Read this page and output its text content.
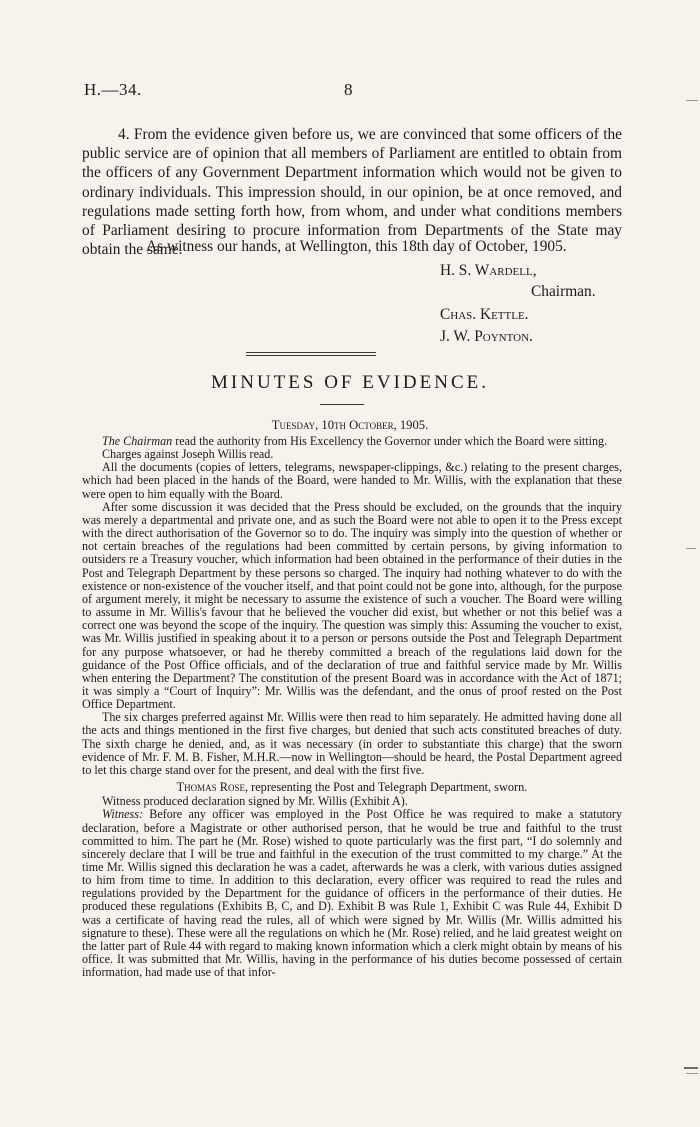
H.—34.	8
4. From the evidence given before us, we are convinced that some officers of the public service are of opinion that all members of Parliament are entitled to obtain from the officers of any Government Department information which would not be given to ordinary individuals. This impression should, in our opinion, be at once removed, and regulations made setting forth how, from whom, and under what conditions members of Parliament desiring to procure information from Departments of the State may obtain the same.
As witness our hands, at Wellington, this 18th day of October, 1905.
H. S. Wardell,
Chairman.
Chas. Kettle.
J. W. Poynton.
MINUTES OF EVIDENCE.
Tuesday, 10th October, 1905.

The Chairman read the authority from His Excellency the Governor under which the Board were sitting.

Charges against Joseph Willis read.

All the documents (copies of letters, telegrams, newspaper-clippings, &c.) relating to the present charges, which had been placed in the hands of the Board, were handed to Mr. Willis, with the explanation that these were open to him equally with the Board.

After some discussion it was decided that the Press should be excluded, on the grounds that the inquiry was merely a departmental and private one, and as such the Board were not able to open it to the Press except with the direct authorisation of the Governor so to do. The inquiry was simply into the question of whether or not certain breaches of the regulations had been committed by certain persons, by giving information to outsiders re a Treasury voucher, which information had been obtained in the performance of their duties in the Post and Telegraph Department by these persons so charged. The inquiry had nothing whatever to do with the existence or non-existence of the voucher itself, and that point could not be gone into, although, for the purpose of argument merely, it might be necessary to assume the existence of such a voucher. The Board were willing to assume in Mr. Willis's favour that he believed the voucher did exist, but whether or not this belief was a correct one was beyond the scope of the inquiry. The question was simply this: Assuming the voucher to exist, was Mr. Willis justified in speaking about it to a person or persons outside the Post and Telegraph Department for any purpose whatsoever, or had he thereby committed a breach of the regulations laid down for the guidance of the Post Office officials, and of the declaration of true and faithful service made by Mr. Willis when entering the Department? The constitution of the present Board was in accordance with the Act of 1871; it was simply a “Court of Inquiry”: Mr. Willis was the defendant, and the onus of proof rested on the Post Office Department.

The six charges preferred against Mr. Willis were then read to him separately. He admitted having done all the acts and things mentioned in the first five charges, but denied that such acts constituted breaches of duty. The sixth charge he denied, and, as it was necessary (in order to substantiate this charge) that the sworn evidence of Mr. F. M. B. Fisher, M.H.R.—now in Wellington—should be heard, the Postal Department agreed to let this charge stand over for the present, and deal with the first five.

Thomas Rose, representing the Post and Telegraph Department, sworn.

Witness produced declaration signed by Mr. Willis (Exhibit A).

Witness: Before any officer was employed in the Post Office he was required to make a statutory declaration, before a Magistrate or other authorised person, that he would be true and faithful to the trust committed to him. The part he (Mr. Rose) wished to quote particularly was the first part, “I do solemnly and sincerely declare that I will be true and faithful in the execution of the trust committed to my charge.” At the time Mr. Willis signed this declaration he was a cadet, afterwards he was a clerk, with various duties assigned to him from time to time. In addition to this declaration, every officer was required to read the rules and regulations provided by the Department for the guidance of officers in the performance of their duties. He produced these regulations (Exhibits B, C, and D). Exhibit B was Rule 1, Exhibit C was Rule 44, Exhibit D was a certificate of having read the rules, all of which were signed by Mr. Willis (Mr. Willis admitted his signature to these). These were all the regulations on which he (Mr. Rose) relied, and he laid greatest weight on the latter part of Rule 44 with regard to making known information which a clerk might obtain by means of his office. It was submitted that Mr. Willis, having in the performance of his duties become possessed of certain information, had made use of that infor-
